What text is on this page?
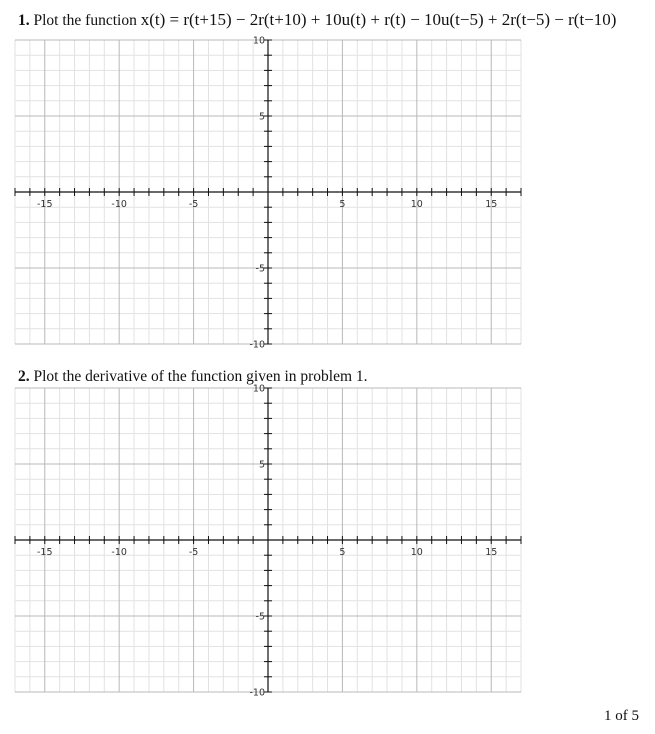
1. Plot the function x(t) = r(t+15) − 2r(t+10) + 10u(t) + r(t) − 10u(t−5) + 2r(t−5) − r(t−10)
2. Plot the derivative of the function given in problem 1.
-15	-10	-5	5	10	15
10
5
-5
-10
-15	-10	-5	5	10	15
10
5
-5
-10
1 of 5
